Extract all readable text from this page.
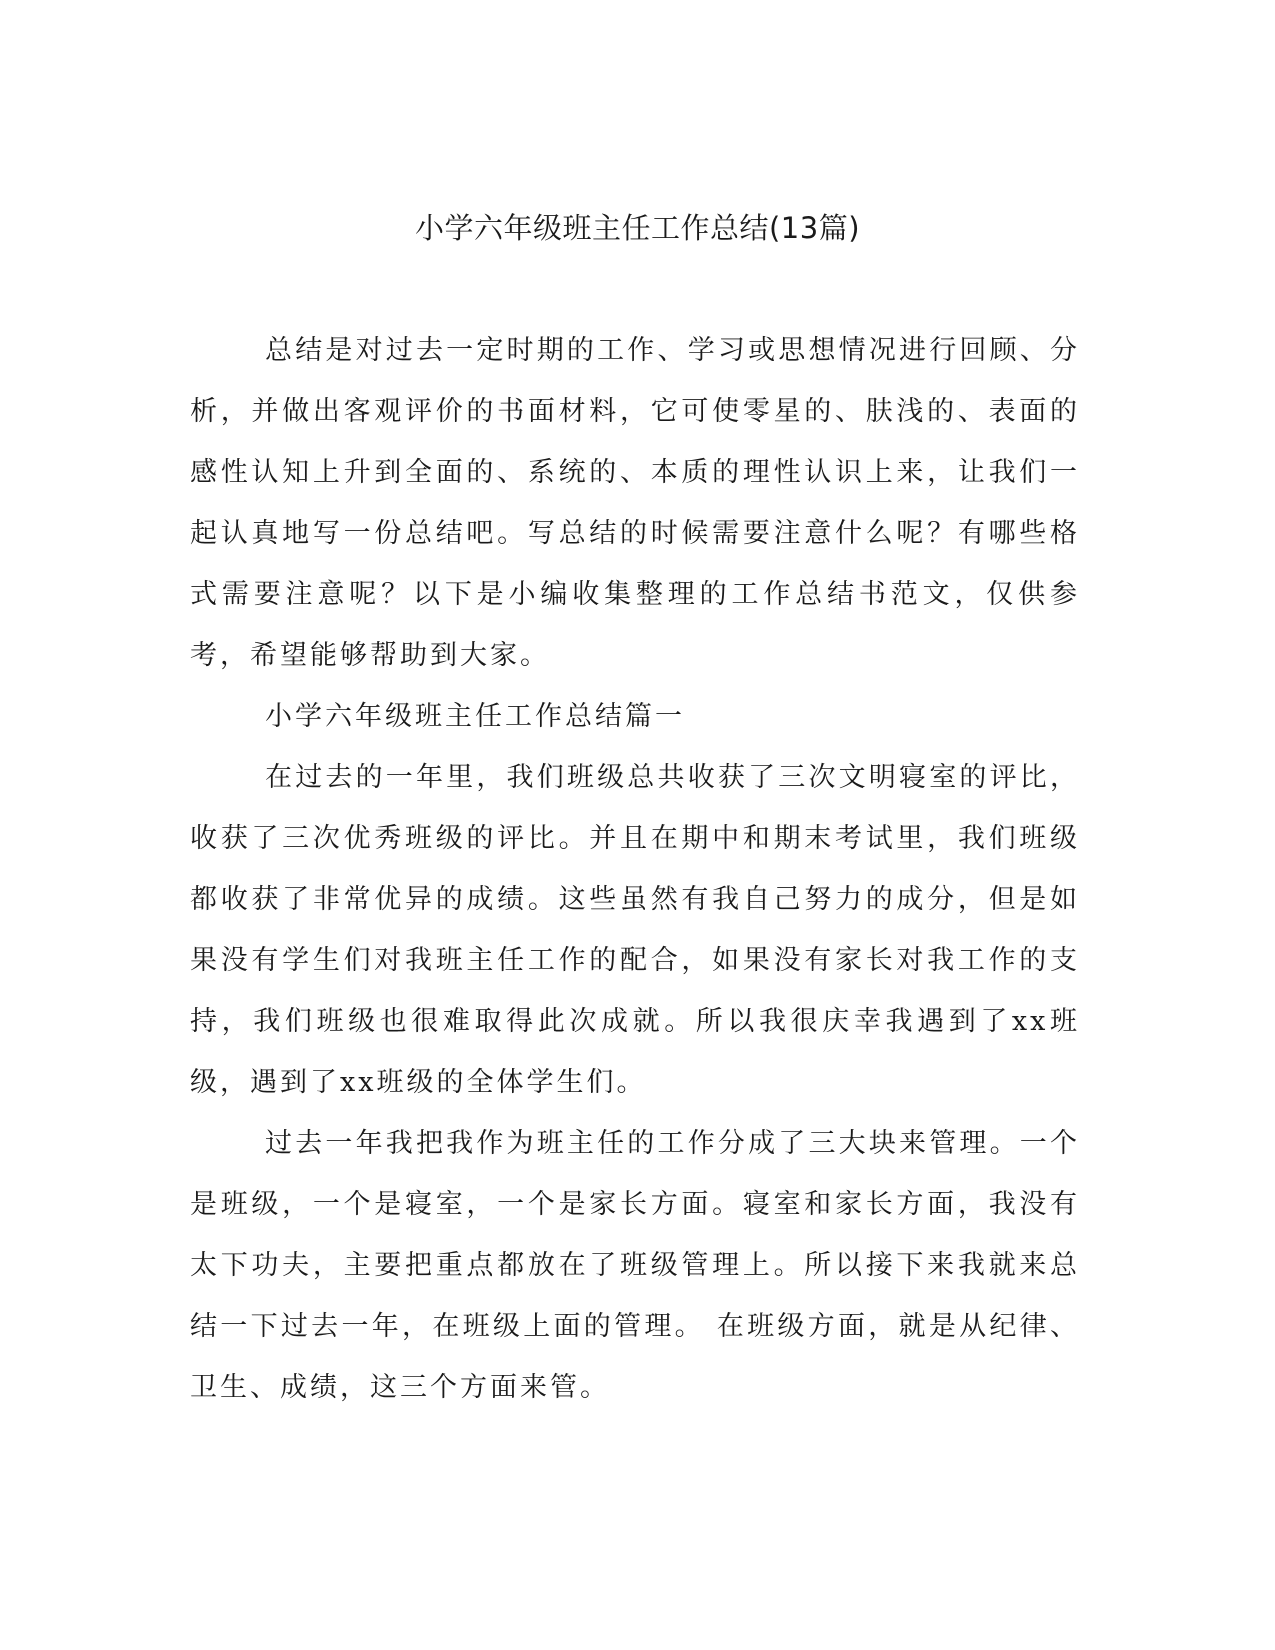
小学六年级班主任工作总结(13篇)

总结是对过去一定时期的工作、学习或思想情况进行回顾、分析，并做出客观评价的书面材料，它可使零星的、肤浅的、表面的感性认知上升到全面的、系统的、本质的理性认识上来，让我们一起认真地写一份总结吧。写总结的时候需要注意什么呢？有哪些格式需要注意呢？以下是小编收集整理的工作总结书范文，仅供参考，希望能够帮助到大家。

小学六年级班主任工作总结篇一

在过去的一年里，我们班级总共收获了三次文明寝室的评比，收获了三次优秀班级的评比。并且在期中和期末考试里，我们班级都收获了非常优异的成绩。这些虽然有我自己努力的成分，但是如果没有学生们对我班主任工作的配合，如果没有家长对我工作的支持，我们班级也很难取得此次成就。所以我很庆幸我遇到了xx班级，遇到了xx班级的全体学生们。

过去一年我把我作为班主任的工作分成了三大块来管理。一个是班级，一个是寝室，一个是家长方面。寝室和家长方面，我没有太下功夫，主要把重点都放在了班级管理上。所以接下来我就来总结一下过去一年，在班级上面的管理。 在班级方面，就是从纪律、卫生、成绩，这三个方面来管。
